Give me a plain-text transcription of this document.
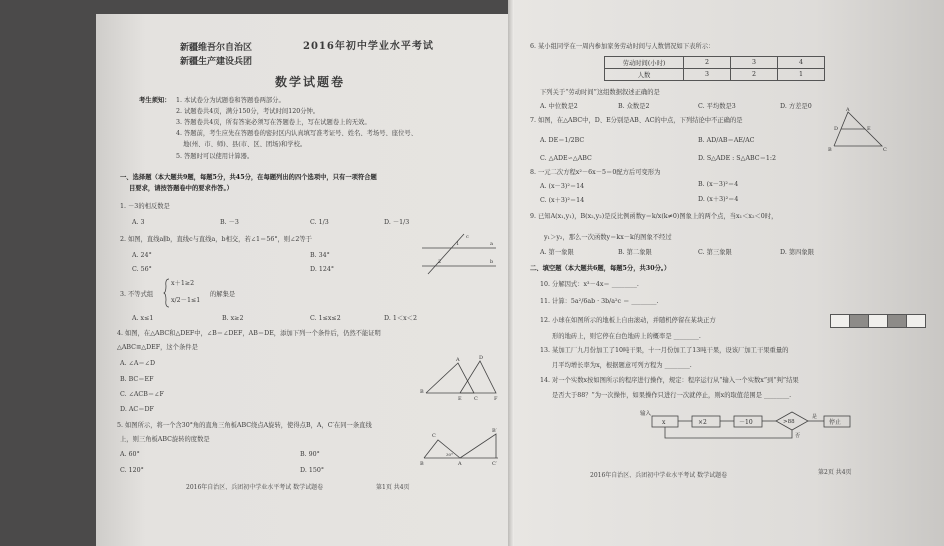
新疆维吾尔自治区
新疆生产建设兵团
2016年初中学业水平考试
数学试题卷
考生须知： 1. 本试卷分为试题卷和答题卷两部分。
2. 试题卷共4页，满分150分，考试时间120分钟。
3. 答题卷共4页，所有答案必须写在答题卷上，写在试题卷上的无效。
4. 答题前，考生应先在答题卷的密封区内认真填写准考证号、姓名、考场号、座位号、
地(州、市、师)、县(市、区、团场)和学校。
5. 答题时可以使用计算器。
一、选择题（本大题共9题，每题5分，共45分，在每题列出的四个选项中，只有一项符合题
目要求，请按答题卷中的要求作答。）
1. －3的相反数是
A. 3	B. －3	C. 1/3	D. －1/3
2. 如图，直线a∥b，直线c与直线a，b相交，若∠1＝56°，则∠2等于
A. 24°	B. 34°
C. 56°	D. 124°
a
b
1
2
c
3. 不等式组
x＋1≥2
x/2－1≤1
的解集是
A. x≤1	B. x≥2	C. 1≤x≤2	D. 1＜x＜2
4. 如图，在△ABC和△DEF中，∠B＝∠DEF，AB＝DE，添加下列一个条件后，仍然不能证明
△ABC≌△DEF，这个条件是
A. ∠A＝∠D
B. BC＝EF
C. ∠ACB＝∠F
D. AC＝DF
A	D
B
E C	F
5. 如图所示，将一个含30°角的直角三角板ABC绕点A旋转，使得点B，A，C′在同一条直线
上，则三角板ABC旋转的度数是
A. 60°	B. 90°
C. 120°	D. 150°
C
B′
B	A	C′
30°
2016年自治区、兵团初中学业水平考试 数学试题卷	第1页 共4页
6. 某小组同学在一周内参加家务劳动时间与人数情况如下表所示：
劳动时间(小时)	2	3	4
人数	3	2	1
下列关于“劳动时间”这组数据叙述正确的是
A. 中位数是2	B. 众数是2	C. 平均数是3	D. 方差是0
7. 如图，在△ABC中，D、E分别是AB、AC的中点，下列结论中不正确的是
A. DE＝1/2BC	B. AD/AB＝AE/AC
C. △ADE∽△ABC	D. S△ADE : S△ABC＝1:2
A
D	E
B	C
8. 一元二次方程x²－6x－5＝0配方后可变形为
A. (x－3)²＝14	B. (x－3)²＝4
C. (x＋3)²＝14	D. (x＋3)²＝4
9. 已知A(x₁,y₁)，B(x₂,y₂)是反比例函数y＝k/x(k≠0)图象上的两个点，当x₁＜x₂＜0时，
y₁＞y₂，那么一次函数y＝kx－k的图象不经过
A. 第一象限	B. 第二象限	C. 第三象限	D. 第四象限
二、填空题（本大题共6题，每题5分，共30分。）
10. 分解因式：x³－4x＝ ________.
11. 计算：5a²/6ab · 3b/a²c ＝ ________.
12. 小球在如图所示的地板上自由滚动，并随机停留在某块正方
形的地砖上，则它停在白色地砖上的概率是 ________.
13. 某加工厂九月份加工了10吨干果，十一月份加工了13吨干果，设该厂加工干果重量的
月平均增长率为x，根据题意可列方程为 ________.
14. 对一个实数x按如图所示的程序进行操作，规定：程序运行从“输入一个实数x”到“判”结果
是否大于88？”为一次操作，如果操作只进行一次就停止，则x的取值范围是 ________.
输入
x	×2	－10	>88
是
停止
否
2016年自治区、兵团初中学业水平考试 数学试题卷	第2页 共4页
